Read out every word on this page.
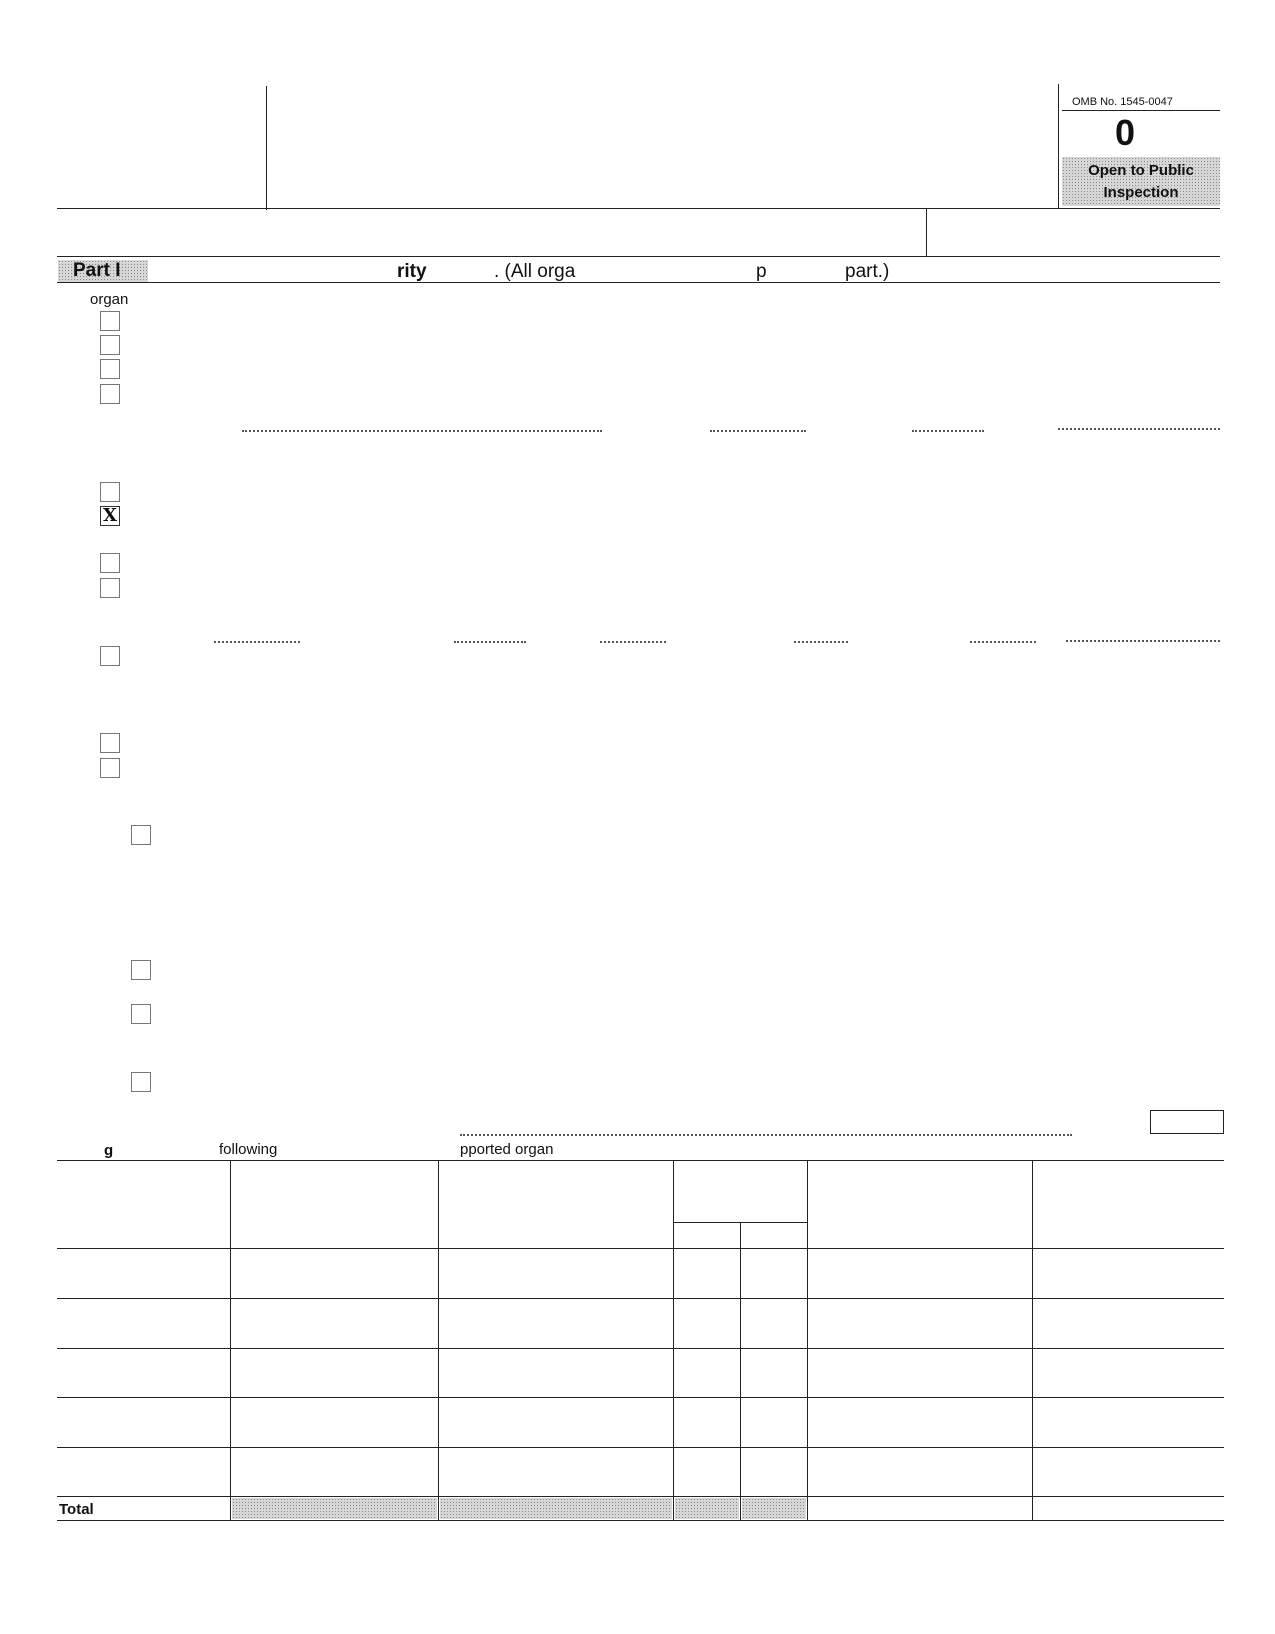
OMB No. 1545-0047
0
Open to Public
Inspection
Part I	rity	. (All orga	p	part.)
organ
X
g	following	pported organ
Total
